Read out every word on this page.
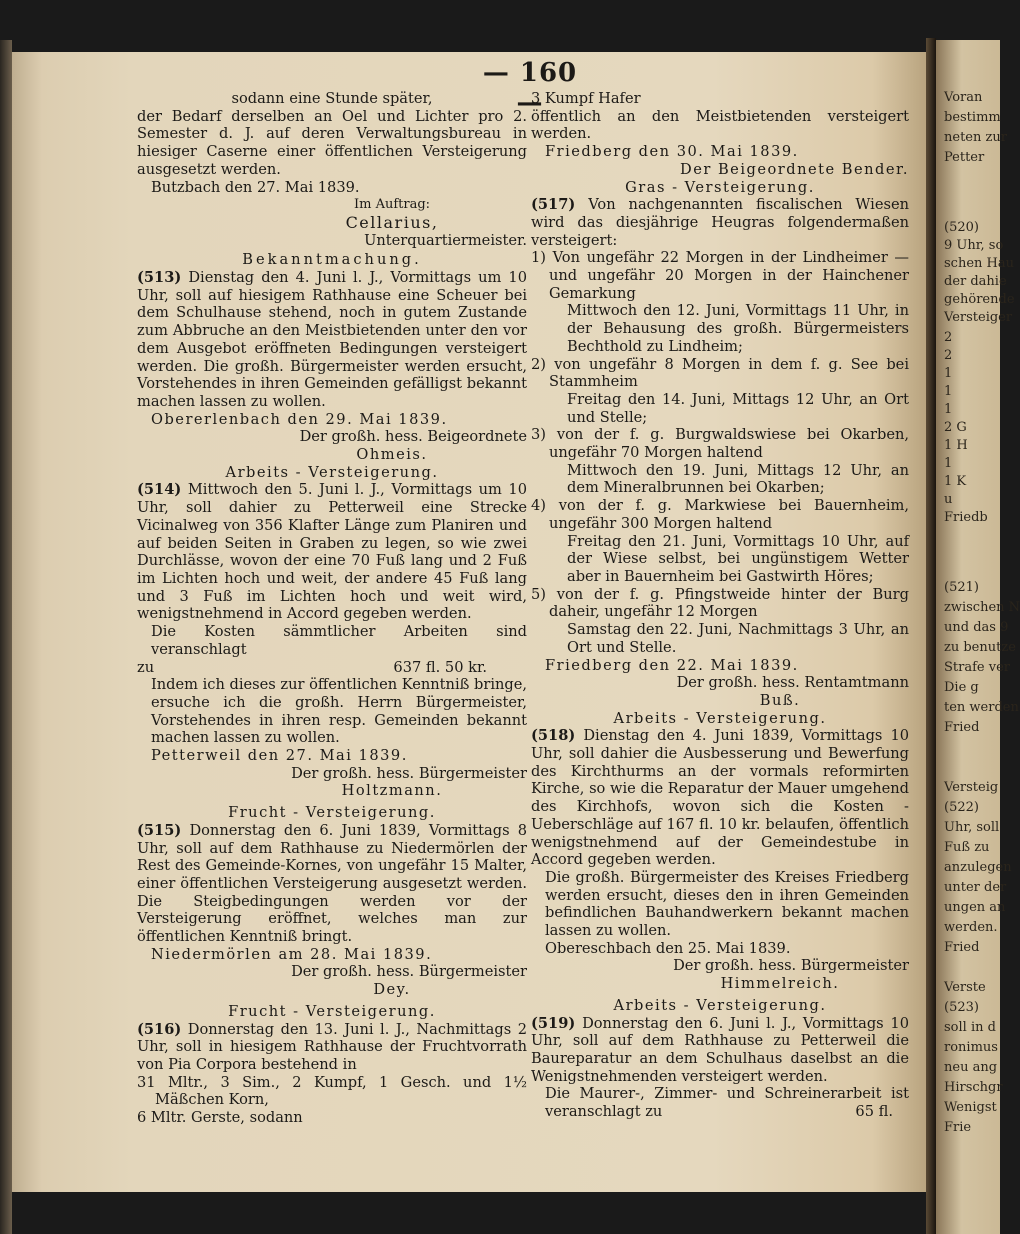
Voran
bestimm
neten zur
Petter
(520)
9 Uhr, so
schen Hau
der dahie
gehörende
Versteiger
2
2
1
1
1
2 G
1 H
1
1 K
u
Friedb
(521)
zwischen N
und das 9
zu benutze
Strafe ver
Die g
ten werden
Fried
Versteig
(522)
Uhr, soll
Fuß zu
anzulegen
unter der
ungen an
werden.
Fried
Verste
(523)
soll in d
ronimus
neu ang
Hirschgr
Wenigst
Frie
— 160 —

sodann eine Stunde später,

der Bedarf derselben an Oel und Lichter pro 2. Semester d. J. auf deren Verwaltungsbureau in hiesiger Caserne einer öffentlichen Versteigerung ausgesetzt werden.

Butzbach den 27. Mai 1839.

Im Auftrag:

Cellarius,

Unterquartiermeister.

Bekanntmachung.

(513) Dienstag den 4. Juni l. J., Vormittags um 10 Uhr, soll auf hiesigem Rathhause eine Scheuer bei dem Schulhause stehend, noch in gutem Zustande zum Abbruche an den Meistbietenden unter den vor dem Ausgebot eröffneten Bedingungen versteigert werden. Die großh. Bürgermeister werden ersucht, Vorstehendes in ihren Gemeinden gefälligst bekannt machen lassen zu wollen.

Obererlenbach den 29. Mai 1839.

Der großh. hess. Beigeordnete

Ohmeis.

Arbeits - Versteigerung.

(514) Mittwoch den 5. Juni l. J., Vormittags um 10 Uhr, soll dahier zu Petterweil eine Strecke Vicinalweg von 356 Klafter Länge zum Planiren und auf beiden Seiten in Graben zu legen, so wie zwei Durchlässe, wovon der eine 70 Fuß lang und 2 Fuß im Lichten hoch und weit, der andere 45 Fuß lang und 3 Fuß im Lichten hoch und weit wird, wenigstnehmend in Accord gegeben werden.

Die Kosten sämmtlicher Arbeiten sind veranschlagt

zu	637 fl. 50 kr.

Indem ich dieses zur öffentlichen Kenntniß bringe, ersuche ich die großh. Herrn Bürgermeister, Vorstehendes in ihren resp. Gemeinden bekannt machen lassen zu wollen.

Petterweil den 27. Mai 1839.

Der großh. hess. Bürgermeister

Holtzmann.

Frucht - Versteigerung.

(515) Donnerstag den 6. Juni 1839, Vormittags 8 Uhr, soll auf dem Rathhause zu Niedermörlen der Rest des Gemeinde-Kornes, von ungefähr 15 Malter, einer öffentlichen Versteigerung ausgesetzt werden. Die Steigbedingungen werden vor der Versteigerung eröffnet, welches man zur öffentlichen Kenntniß bringt.

Niedermörlen am 28. Mai 1839.

Der großh. hess. Bürgermeister

Dey.

Frucht - Versteigerung.

(516) Donnerstag den 13. Juni l. J., Nachmittags 2 Uhr, soll in hiesigem Rathhause der Fruchtvorrath von Pia Corpora bestehend in

31 Mltr., 3 Sim., 2 Kumpf, 1 Gesch. und 1½ Mäßchen Korn,

6 Mltr. Gerste, sodann

3 Kumpf Hafer

öffentlich an den Meistbietenden versteigert werden.

Friedberg den 30. Mai 1839.

Der Beigeordnete Bender.

Gras - Versteigerung.

(517) Von nachgenannten fiscalischen Wiesen wird das diesjährige Heugras folgendermaßen versteigert:

1) Von ungefähr 22 Morgen in der Lindheimer — und ungefähr 20 Morgen in der Hainchener Gemarkung

Mittwoch den 12. Juni, Vormittags 11 Uhr, in der Behausung des großh. Bürgermeisters Bechthold zu Lindheim;

2) von ungefähr 8 Morgen in dem f. g. See bei Stammheim

Freitag den 14. Juni, Mittags 12 Uhr, an Ort und Stelle;

3) von der f. g. Burgwaldswiese bei Okarben, ungefähr 70 Morgen haltend

Mittwoch den 19. Juni, Mittags 12 Uhr, an dem Mineralbrunnen bei Okarben;

4) von der f. g. Markwiese bei Bauernheim, ungefähr 300 Morgen haltend

Freitag den 21. Juni, Vormittags 10 Uhr, auf der Wiese selbst, bei ungünstigem Wetter aber in Bauernheim bei Gastwirth Höres;

5) von der f. g. Pfingstweide hinter der Burg daheir, ungefähr 12 Morgen

Samstag den 22. Juni, Nachmittags 3 Uhr, an Ort und Stelle.

Friedberg den 22. Mai 1839.

Der großh. hess. Rentamtmann

Buß.

Arbeits - Versteigerung.

(518) Dienstag den 4. Juni 1839, Vormittags 10 Uhr, soll dahier die Ausbesserung und Bewerfung des Kirchthurms an der vormals reformirten Kirche, so wie die Reparatur der Mauer umgehend des Kirchhofs, wovon sich die Kosten - Ueberschläge auf 167 fl. 10 kr. belaufen, öffentlich wenigstnehmend auf der Gemeindestube in Accord gegeben werden.

Die großh. Bürgermeister des Kreises Friedberg werden ersucht, dieses den in ihren Gemeinden befindlichen Bauhandwerkern bekannt machen lassen zu wollen.

Obereschbach den 25. Mai 1839.

Der großh. hess. Bürgermeister

Himmelreich.

Arbeits - Versteigerung.

(519) Donnerstag den 6. Juni l. J., Vormittags 10 Uhr, soll auf dem Rathhause zu Petterweil die Baureparatur an dem Schulhaus daselbst an die Wenigstnehmenden versteigert werden.

Die Maurer-, Zimmer- und Schreinerarbeit ist veranschlagt zu	65 fl.
